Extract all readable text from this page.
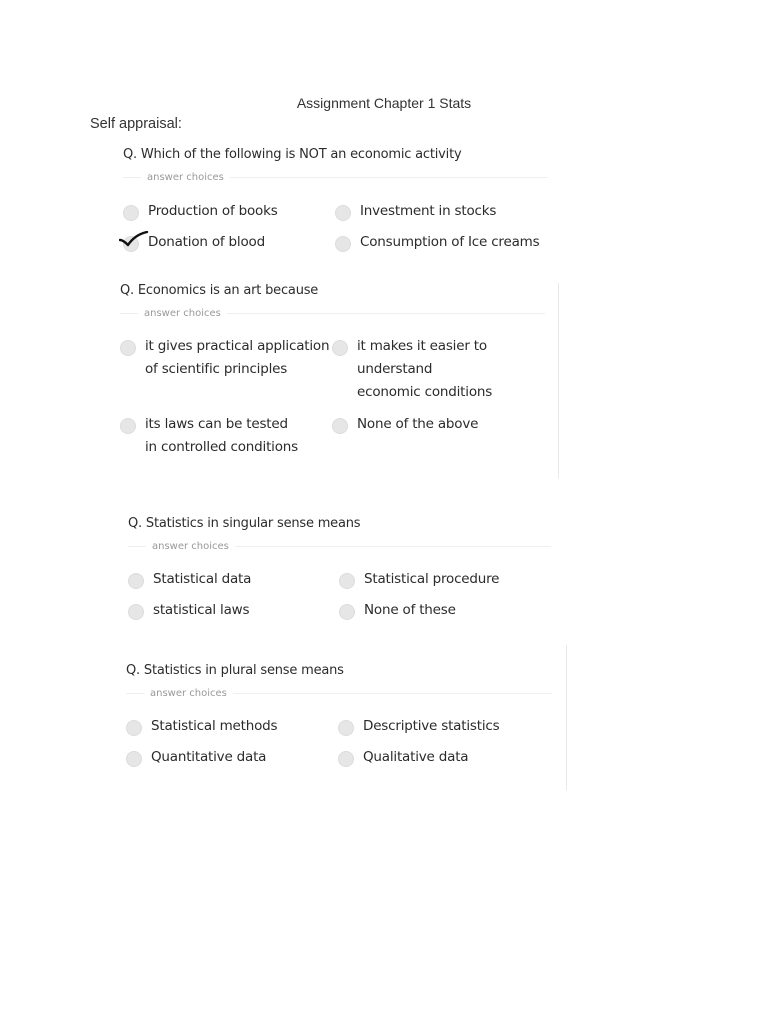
Assignment Chapter 1 Stats
Self appraisal:
Q. Which of the following is NOT an economic activity
answer choices
Production of books	Investment in stocks
Donation of blood	Consumption of Ice creams
Q. Economics is an art because
answer choices
it gives practical application of scientific principles
it makes it easier to understand economic conditions
its laws can be tested in controlled conditions
None of the above
Q. Statistics in singular sense means
answer choices
Statistical data	Statistical procedure
statistical laws	None of these
Q. Statistics in plural sense means
answer choices
Statistical methods	Descriptive statistics
Quantitative data	Qualitative data
